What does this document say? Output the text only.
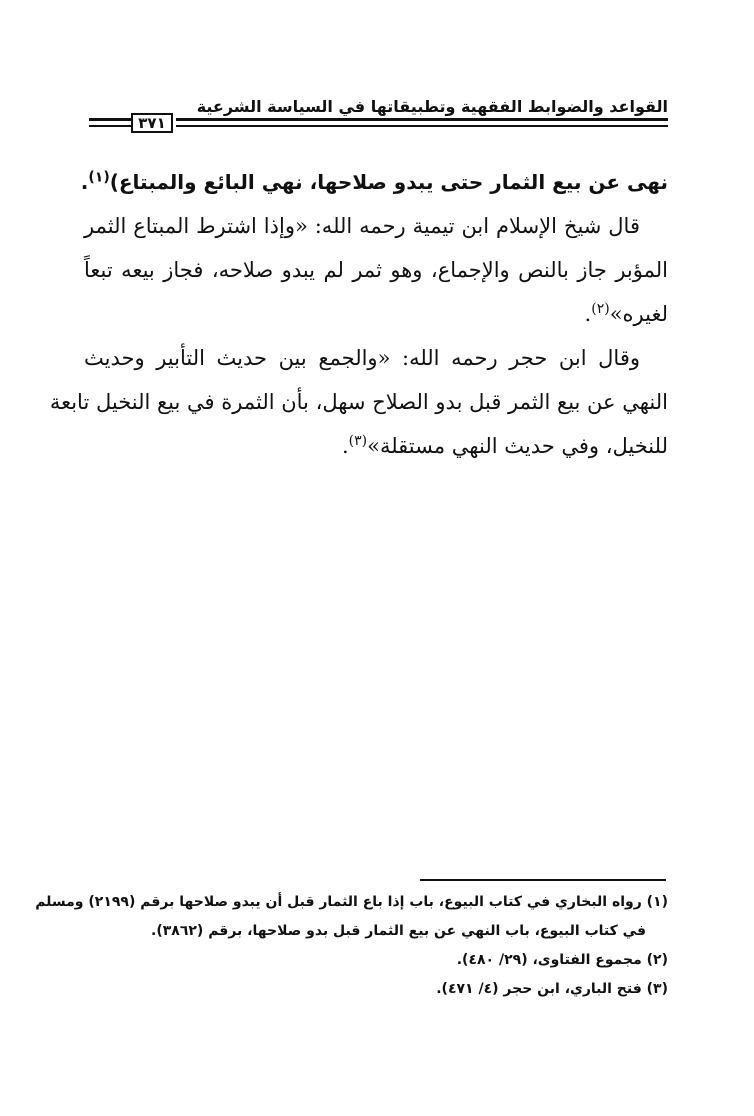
القواعد والضوابط الفقهية وتطبيقاتها في السياسة الشرعية
٣٧١
نهى عن بيع الثمار حتى يبدو صلاحها، نهي البائع والمبتاع)$^{(١)}$.
قال شيخ الإسلام ابن تيمية رحمه الله: «وإذا اشترط المبتاع الثمر
المؤبر جاز بالنص والإجماع، وهو ثمر لم يبدو صلاحه، فجاز بيعه تبعاً
لغيره»$^{(٢)}$.
وقال ابن حجر رحمه الله: «والجمع بين حديث التأبير وحديث
النهي عن بيع الثمر قبل بدو الصلاح سهل، بأن الثمرة في بيع النخيل تابعة
للنخيل، وفي حديث النهي مستقلة»$^{(٣)}$.
(١) رواه البخاري في كتاب البيوع، باب إذا باع الثمار قبل أن يبدو صلاحها برقم (٢١٩٩) ومسلم
في كتاب البيوع، باب النهي عن بيع الثمار قبل بدو صلاحها، برقم (٣٨٦٢).
(٢) مجموع الفتاوى، (٢٩/ ٤٨٠).
(٣) فتح الباري، ابن حجر (٤/ ٤٧١).
